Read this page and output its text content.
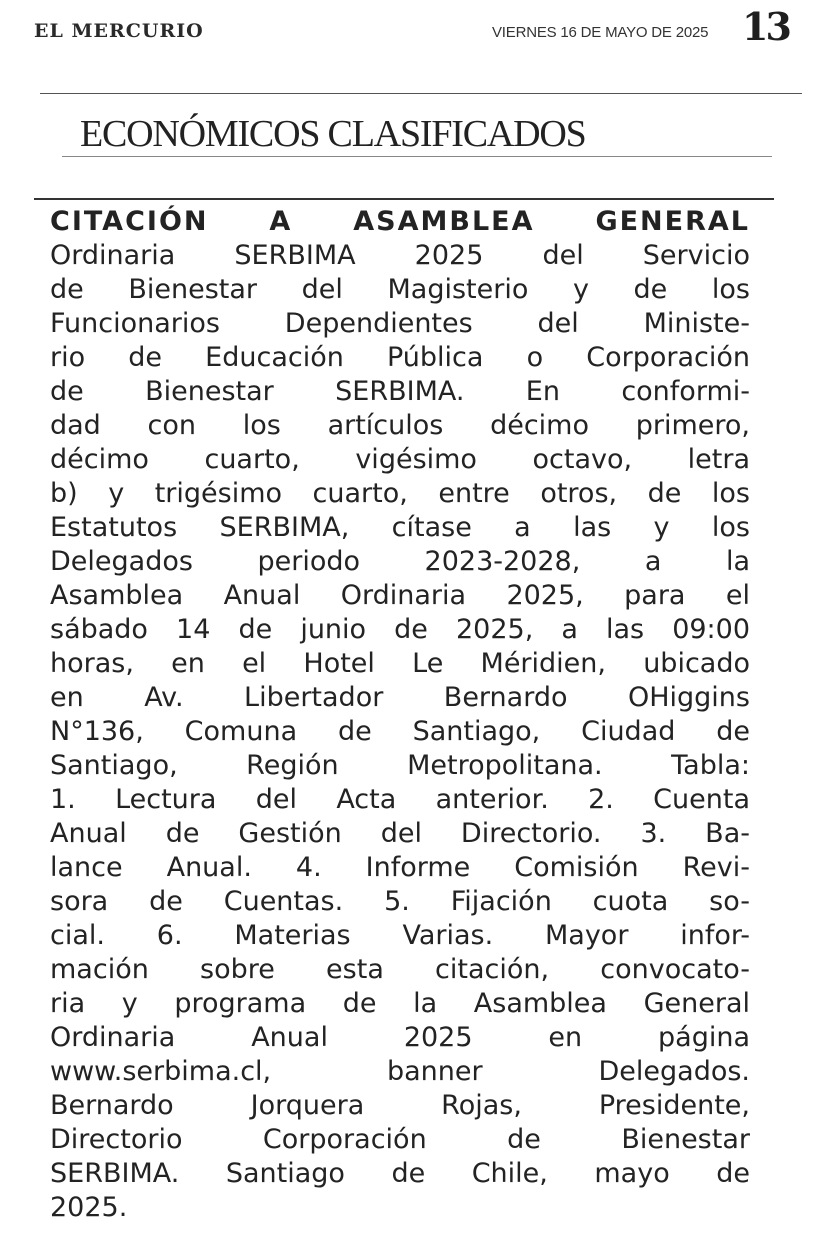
EL MERCURIO	VIERNES 16 DE MAYO DE 2025 13
ECONÓMICOS CLASIFICADOS
CITACIÓN A ASAMBLEA GENERAL
Ordinaria SERBIMA 2025 del Servicio
de Bienestar del Magisterio y de los
Funcionarios Dependientes del Ministe-
rio de Educación Pública o Corporación
de Bienestar SERBIMA. En conformi-
dad con los artículos décimo primero,
décimo cuarto, vigésimo octavo, letra
b) y trigésimo cuarto, entre otros, de los
Estatutos SERBIMA, cítase a las y los
Delegados periodo 2023-2028, a la
Asamblea Anual Ordinaria 2025, para el
sábado 14 de junio de 2025, a las 09:00
horas, en el Hotel Le Méridien, ubicado
en Av. Libertador Bernardo OHiggins
N°136, Comuna de Santiago, Ciudad de
Santiago, Región Metropolitana. Tabla:
1. Lectura del Acta anterior. 2. Cuenta
Anual de Gestión del Directorio. 3. Ba-
lance Anual. 4. Informe Comisión Revi-
sora de Cuentas. 5. Fijación cuota so-
cial. 6. Materias Varias. Mayor infor-
mación sobre esta citación, convocato-
ria y programa de la Asamblea General
Ordinaria Anual 2025 en página
www.serbima.cl, banner Delegados.
Bernardo Jorquera Rojas, Presidente,
Directorio Corporación de Bienestar
SERBIMA. Santiago de Chile, mayo de
2025.
